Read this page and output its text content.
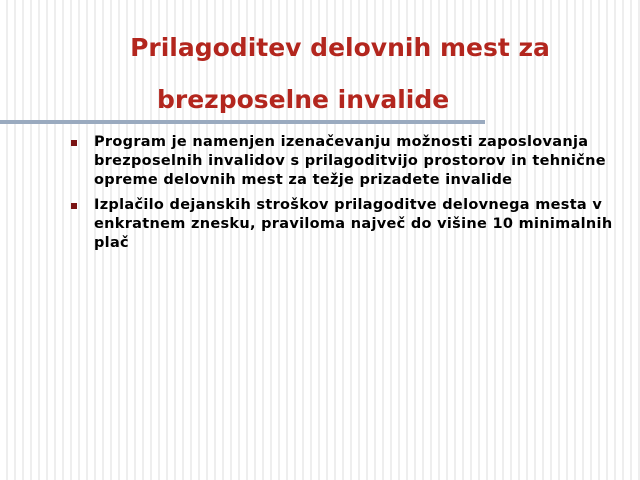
Prilagoditev delovnih mest za
brezposelne invalide
Program je namenjen izenačevanju možnosti zaposlovanja brezposelnih invalidov s prilagoditvijo prostorov in tehnične opreme delovnih mest za težje prizadete invalide
Izplačilo dejanskih stroškov prilagoditve delovnega mesta v enkratnem znesku, praviloma največ do višine 10 minimalnih plač
